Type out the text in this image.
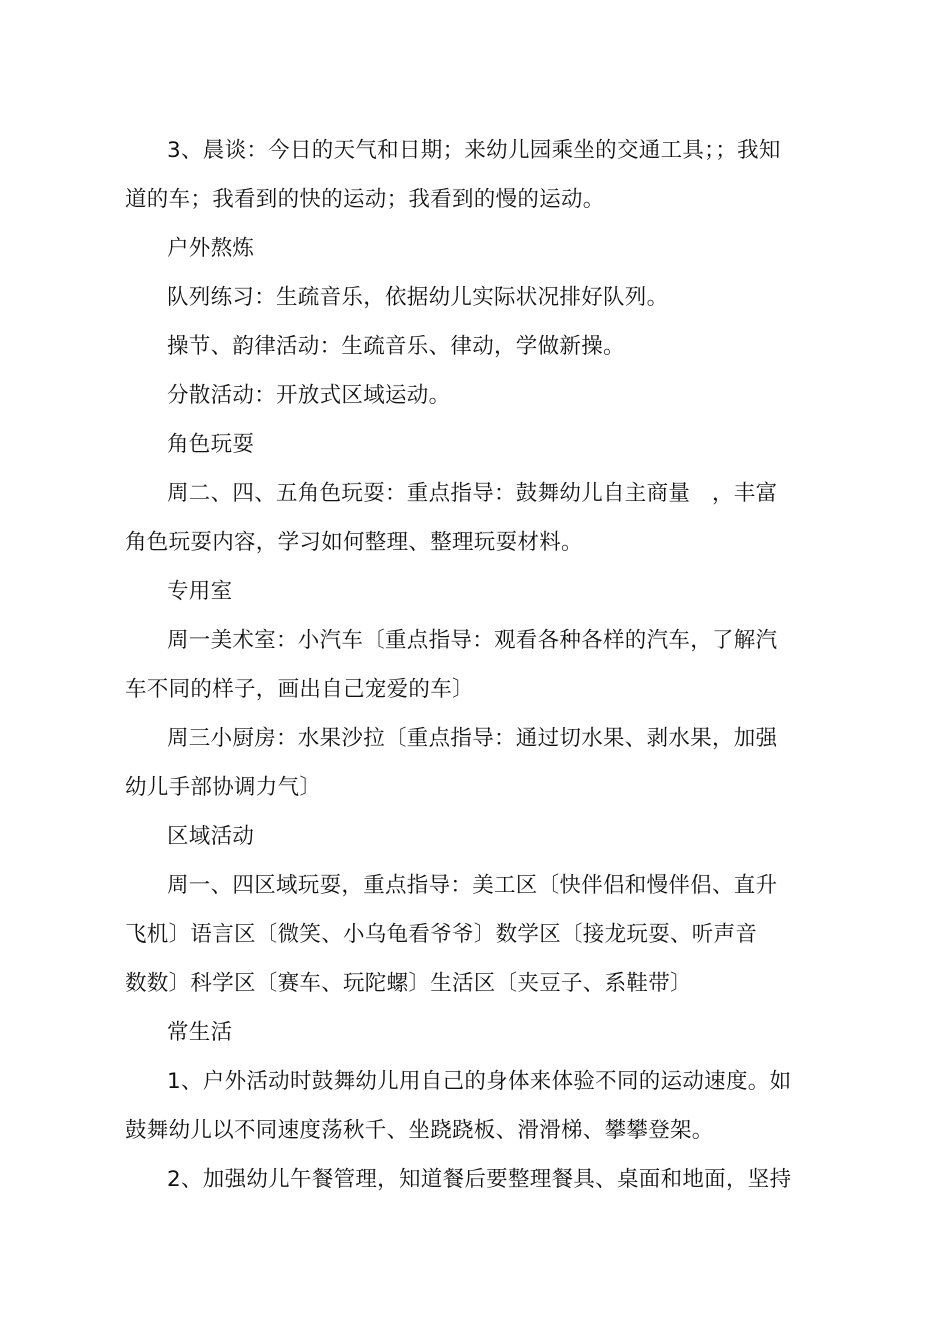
3、晨谈：今日的天气和日期；来幼儿园乘坐的交通工具；；我知
道的车；我看到的快的运动；我看到的慢的运动。

户外熬炼

队列练习：生疏音乐，依据幼儿实际状况排好队列。

操节、韵律活动：生疏音乐、律动，学做新操。

分散活动：开放式区域运动。

角色玩耍

周二、四、五角色玩耍：重点指导：鼓舞幼儿自主商量　，丰富
角色玩耍内容，学习如何整理、整理玩耍材料。

专用室

周一美术室：小汽车〔重点指导：观看各种各样的汽车，了解汽
车不同的样子，画出自己宠爱的车〕

周三小厨房：水果沙拉〔重点指导：通过切水果、剥水果，加强
幼儿手部协调力气〕

区域活动

周一、四区域玩耍，重点指导：美工区〔快伴侣和慢伴侣、直升
飞机〕语言区〔微笑、小乌龟看爷爷〕数学区〔接龙玩耍、听声音
数数〕科学区〔赛车、玩陀螺〕生活区〔夹豆子、系鞋带〕

常生活

1、户外活动时鼓舞幼儿用自己的身体来体验不同的运动速度。如
鼓舞幼儿以不同速度荡秋千、坐跷跷板、滑滑梯、攀攀登架。

2、加强幼儿午餐管理，知道餐后要整理餐具、桌面和地面，坚持
